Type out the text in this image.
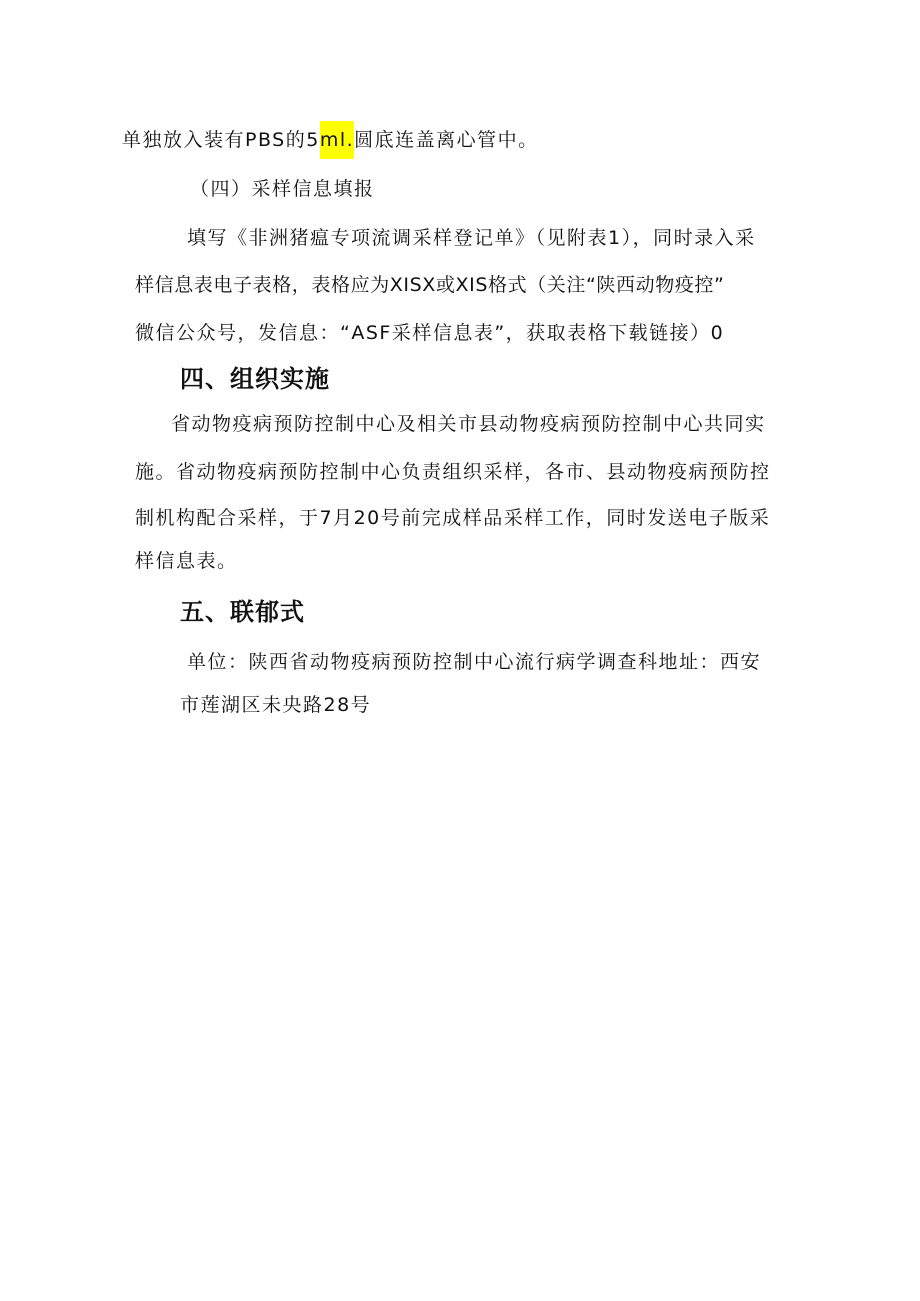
单独放入装有PBS的5ml.圆底连盖离心管中。

（四）采样信息填报

填写《非洲猪瘟专项流调采样登记单》（见附表1），同时录入采

样信息表电子表格，表格应为XISX或XIS格式（关注“陕西动物疫控”

微信公众号，发信息：“ASF采样信息表”，获取表格下载链接）0

四、组织实施

省动物疫病预防控制中心及相关市县动物疫病预防控制中心共同实

施。省动物疫病预防控制中心负责组织采样，各市、县动物疫病预防控

制机构配合采样，于7月20号前完成样品采样工作，同时发送电子版采

样信息表。

五、联郁式

单位：陕西省动物疫病预防控制中心流行病学调查科地址：西安

市莲湖区未央路28号
